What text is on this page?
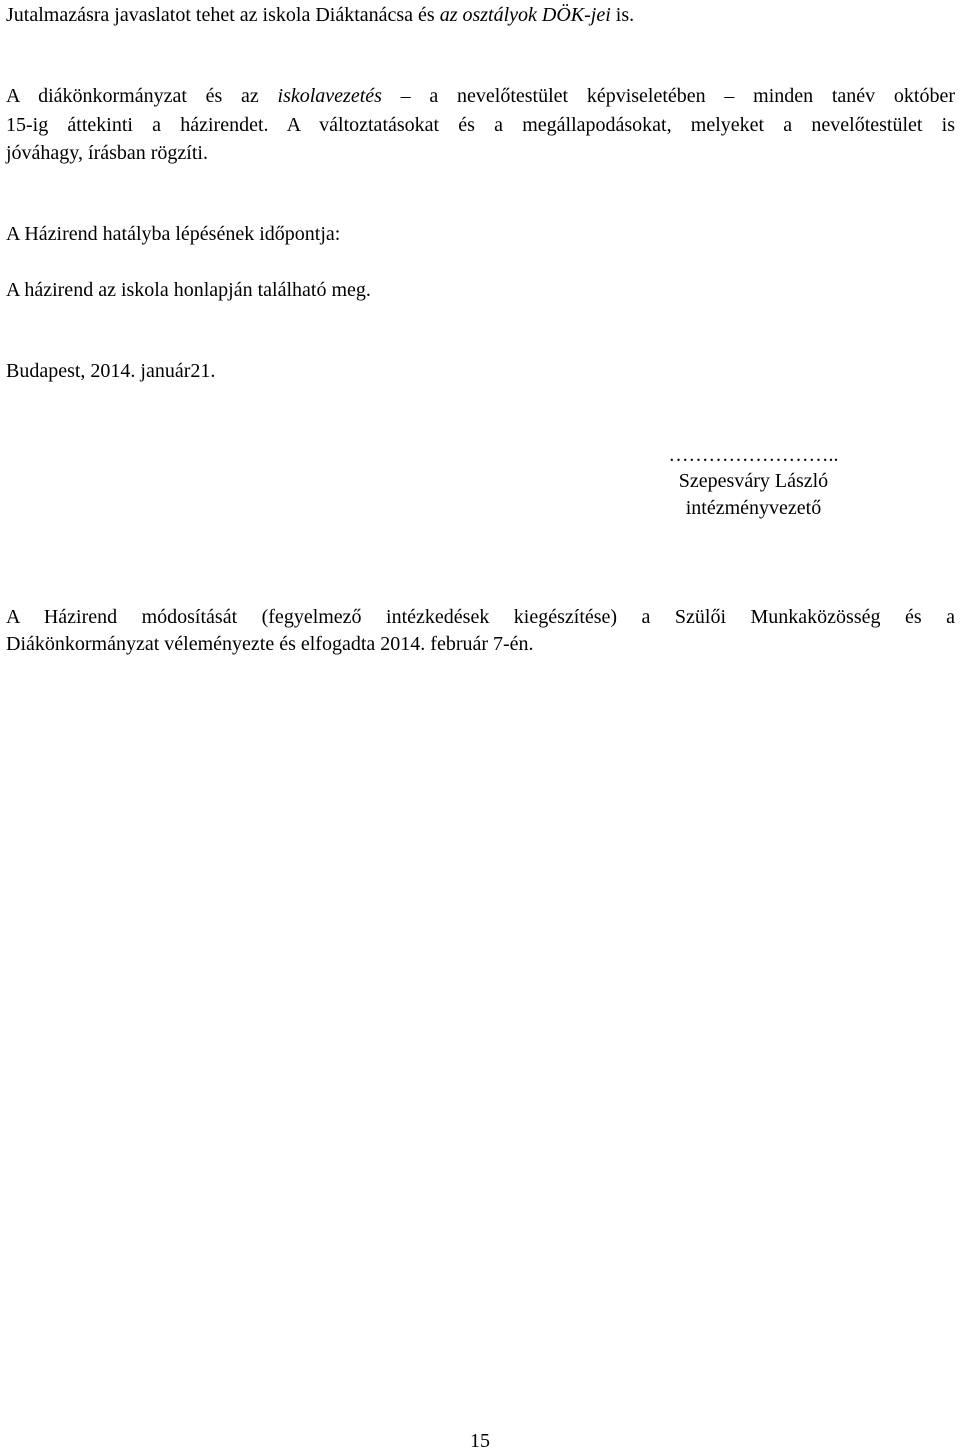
Jutalmazásra javaslatot tehet az iskola Diáktanácsa és az osztályok DÖK-jei is.
A diákönkormányzat és az iskolavezetés – a nevelőtestület képviseletében – minden tanév október
15-ig áttekinti a házirendet. A változtatásokat és a megállapodásokat, melyeket a nevelőtestület is
jóváhagy, írásban rögzíti.
A Házirend hatályba lépésének időpontja:
A házirend az iskola honlapján található meg.
Budapest, 2014. január21.
……………………..
Szepesváry László
intézményvezető
A Házirend módosítását (fegyelmező intézkedések kiegészítése) a Szülői Munkaközösség és a
Diákönkormányzat véleményezte és elfogadta 2014. február 7-én.
15
